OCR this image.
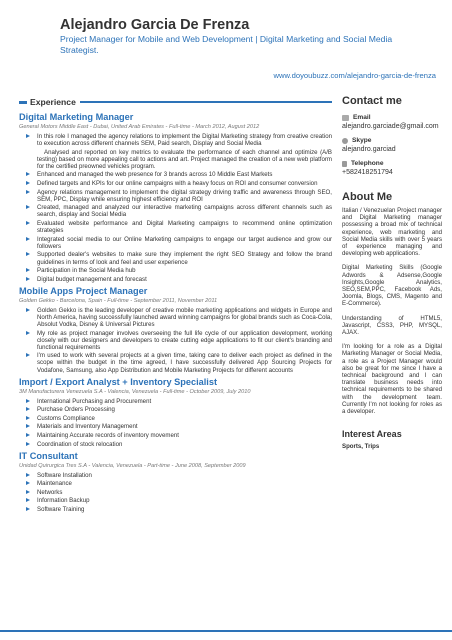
Alejandro Garcia De Frenza
Project Manager for Mobile and Web Development | Digital Marketing and Social Media Strategist.
www.doyoubuzz.com/alejandro-garcia-de-frenza
Experience
Digital Marketing Manager
General Motors Middle East - Dubai, United Arab Emirates - Full-time - March 2012, August 2012
In this role I managed the agency relations to implement the Digital Marketing strategy from creative creation to execution across different channels SEM, Paid search, Display and Social Media
Analysed and reported on key metrics to evaluate the performance of each channel and optimize (A/B testing) based on more appealing call to actions and art. Project managed the creation of a new web platform for the certified preowned vehicles program.
Enhanced and managed the web presence for 3 brands across 10 Middle East Markets
Defined targets and KPIs for our online campaigns with a heavy focus on ROI and consumer conversion
Agency relations management to implement the digital strategy driving traffic and awareness through SEO, SEM, PPC, Display while ensuring highest efficiency and ROI
Created, managed and analyzed our interactive marketing campaigns across different channels such as search, display and Social Media
Evaluated website performance and Digital Marketing campaigns to recommend online optimization strategies
Integrated social media to our Online Marketing campaigns to engage our target audience and grow our followers
Supported dealer's websites to make sure they implement the right SEO Strategy and follow the brand guidelines in terms of look and feel and user experience
Participation in the Social Media hub
Digital budget management and forecast
Mobile Apps Project Manager
Golden Gekko - Barcelona, Spain - Full-time - September 2011, November 2011
Golden Gekko is the leading developer of creative mobile marketing applications and widgets in Europe and North America, having successfully launched award winning campaigns for global brands such as Coca-Cola, Absolut Vodka, Disney & Universal Pictures
My role as project manager involves overseeing the full life cycle of our application development, working closely with our designers and developers to create cutting edge applications to fit our client's branding and functional requirements
I'm used to work with several projects at a given time, taking care to deliver each project as defined in the scope within the budget in the time agreed, I have successfully delivered App Sourcing Projects for Vodafone, Samsung, also App Distribution and Mobile Marketing Projects for different accounts
Import / Export Analyst + Inventory Specialist
3M Manufacturera Venezuela S.A - Valencia, Venezuela - Full-time - October 2009, July 2010
International Purchasing and Procurement
Purchase Orders Processing
Customs Compliance
Materials and Inventory Management
Maintaining Accurate records of inventory movement
Coordination of stock relocation
IT Consultant
Unidad Quirurgica Tres S.A - Valencia, Venezuela - Part-time - June 2008, September 2009
Software Installation
Maintenance
Networks
Information Backup
Software Training
Contact me
Email
alejandro.garciade@gmail.com
Skype
alejandro.garciad
Telephone
+582418251794
About Me
Italian / Venezuelan Project manager and Digital Marketing manager possessing a broad mix of technical experience, web marketing and Social Media skills with over 5 years of experience managing and developing web applications.
Digital Marketing Skills (Google Adwords & Adsense,Google Insights,Google Analytics, SEO,SEM,PPC, Facebook Ads, Joomla, Blogs, CMS, Magento and E-Commerce).
Understanding of HTML5, Javascript, CSS3, PHP, MYSQL, AJAX.
I'm looking for a role as a Digital Marketing Manager or Social Media, a role as a Project Manager would also be great for me since I have a technical background and I can translate business needs into technical requirements to be shared with the development team. Currently I'm not looking for roles as a developer.
Interest Areas
Sports, Trips
